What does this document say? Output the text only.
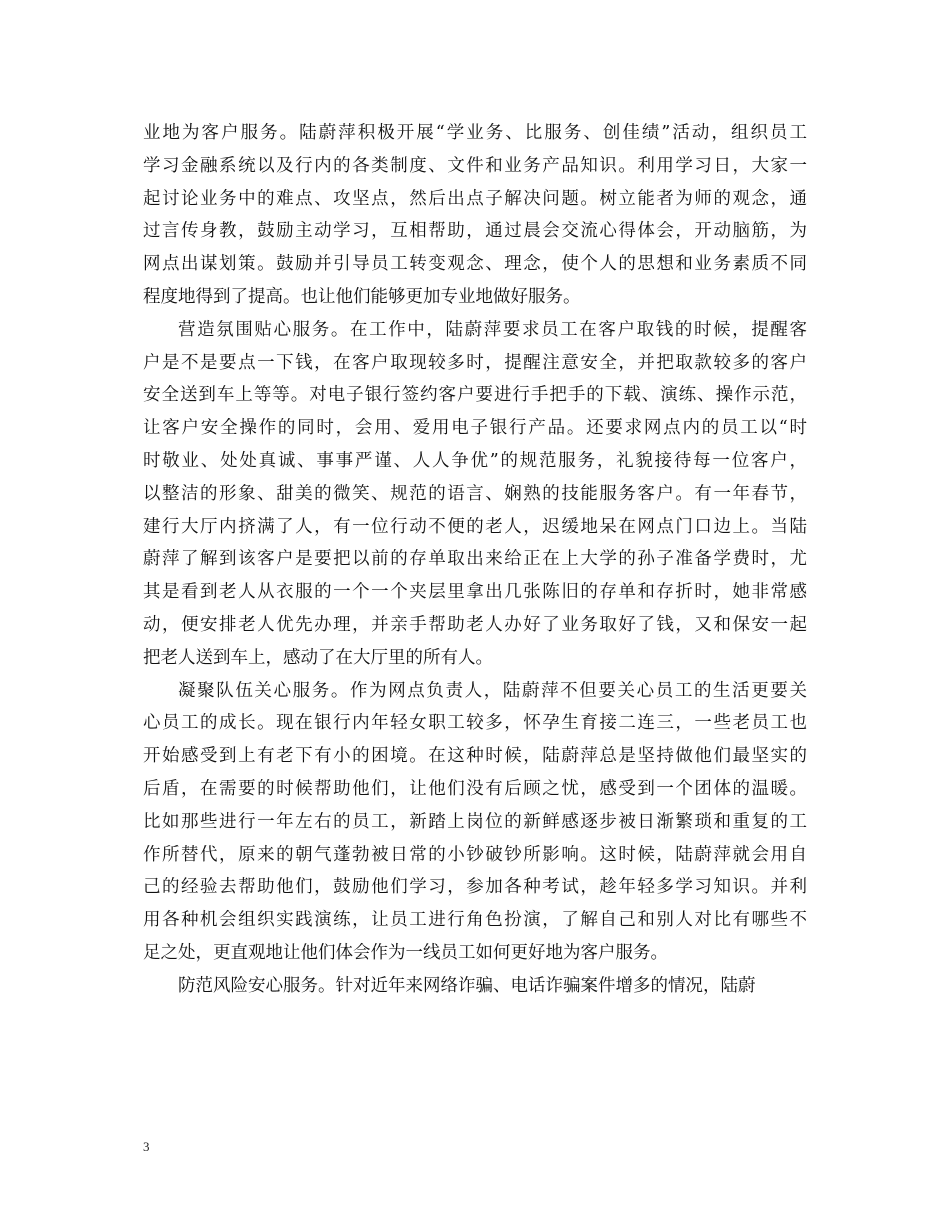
业地为客户服务。陆蔚萍积极开展“学业务、比服务、创佳绩”活动，组织员工
学习金融系统以及行内的各类制度、文件和业务产品知识。利用学习日，大家一
起讨论业务中的难点、攻坚点，然后出点子解决问题。树立能者为师的观念，通
过言传身教，鼓励主动学习，互相帮助，通过晨会交流心得体会，开动脑筋，为
网点出谋划策。鼓励并引导员工转变观念、理念，使个人的思想和业务素质不同
程度地得到了提高。也让他们能够更加专业地做好服务。
营造氛围贴心服务。在工作中，陆蔚萍要求员工在客户取钱的时候，提醒客
户是不是要点一下钱，在客户取现较多时，提醒注意安全，并把取款较多的客户
安全送到车上等等。对电子银行签约客户要进行手把手的下载、演练、操作示范，
让客户安全操作的同时，会用、爱用电子银行产品。还要求网点内的员工以“时
时敬业、处处真诚、事事严谨、人人争优”的规范服务，礼貌接待每一位客户，
以整洁的形象、甜美的微笑、规范的语言、娴熟的技能服务客户。有一年春节，
建行大厅内挤满了人，有一位行动不便的老人，迟缓地呆在网点门口边上。当陆
蔚萍了解到该客户是要把以前的存单取出来给正在上大学的孙子准备学费时，尤
其是看到老人从衣服的一个一个夹层里拿出几张陈旧的存单和存折时，她非常感
动，便安排老人优先办理，并亲手帮助老人办好了业务取好了钱，又和保安一起
把老人送到车上，感动了在大厅里的所有人。
凝聚队伍关心服务。作为网点负责人，陆蔚萍不但要关心员工的生活更要关
心员工的成长。现在银行内年轻女职工较多，怀孕生育接二连三，一些老员工也
开始感受到上有老下有小的困境。在这种时候，陆蔚萍总是坚持做他们最坚实的
后盾，在需要的时候帮助他们，让他们没有后顾之忧，感受到一个团体的温暖。
比如那些进行一年左右的员工，新踏上岗位的新鲜感逐步被日渐繁琐和重复的工
作所替代，原来的朝气蓬勃被日常的小钞破钞所影响。这时候，陆蔚萍就会用自
己的经验去帮助他们，鼓励他们学习，参加各种考试，趁年轻多学习知识。并利
用各种机会组织实践演练，让员工进行角色扮演，了解自己和别人对比有哪些不
足之处，更直观地让他们体会作为一线员工如何更好地为客户服务。
防范风险安心服务。针对近年来网络诈骗、电话诈骗案件增多的情况，陆蔚
3
